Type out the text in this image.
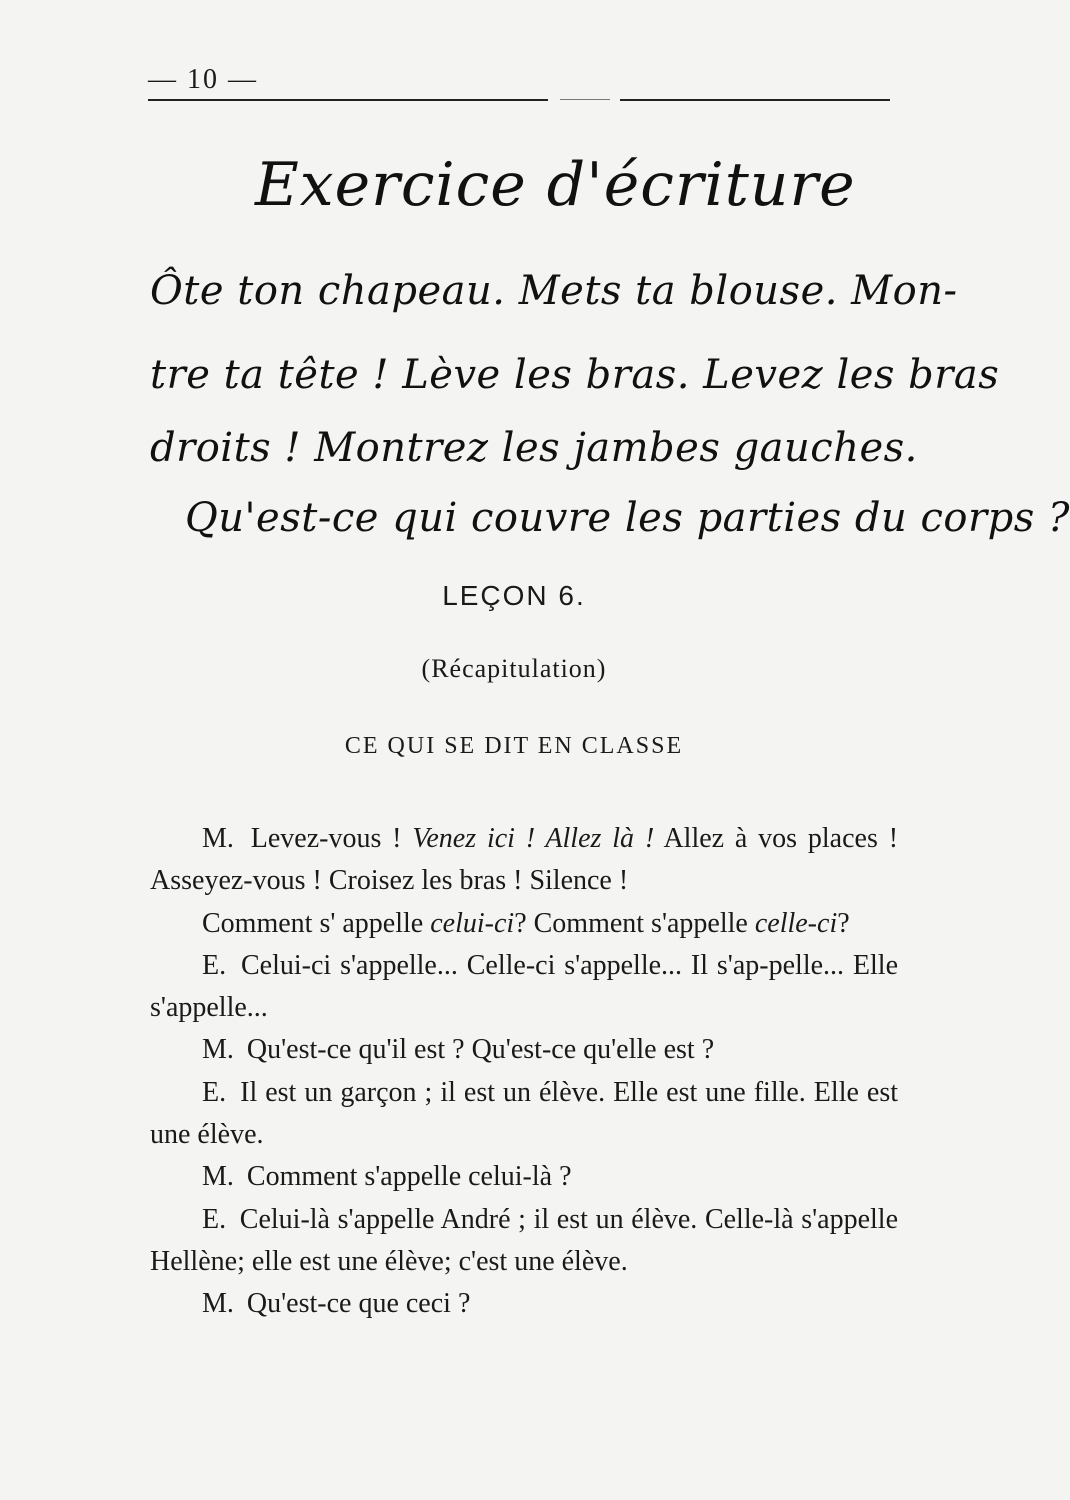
— 10 —
Exercice d'écriture
Ôte ton chapeau. Mets ta blouse. Mon-
tre ta tête ! Lève les bras. Levez les bras
droits ! Montrez les jambes gauches.
Qu'est-ce qui couvre les parties du corps ?
LEÇON 6.
(Récapitulation)
CE QUI SE DIT EN CLASSE

M. Levez-vous ! Venez ici ! Allez là ! Allez à vos places ! Asseyez-vous ! Croisez les bras ! Silence !

Comment s' appelle celui-ci? Comment s'appelle celle-ci?

E. Celui-ci s'appelle... Celle-ci s'appelle... Il s'ap-pelle... Elle s'appelle...

M. Qu'est-ce qu'il est ? Qu'est-ce qu'elle est ?

E. Il est un garçon ; il est un élève. Elle est une fille. Elle est une élève.

M. Comment s'appelle celui-là ?

E. Celui-là s'appelle André ; il est un élève. Celle-là s'appelle Hellène; elle est une élève; c'est une élève.

M. Qu'est-ce que ceci ?
